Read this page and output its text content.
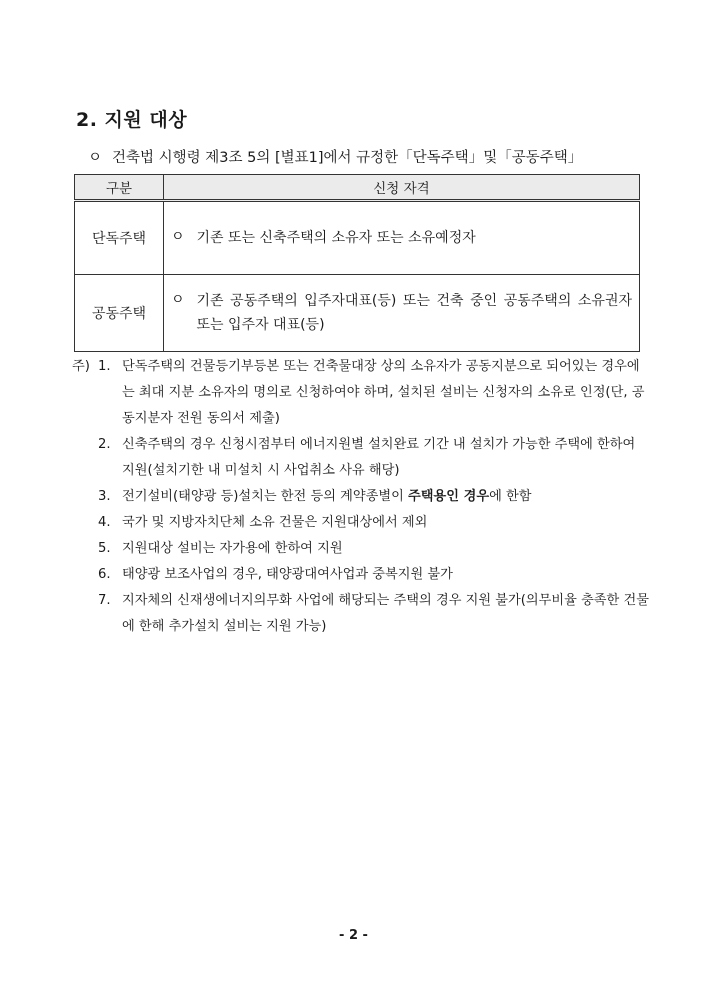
2. 지원 대상
ㅇ 건축법 시행령 제3조 5의 [별표1]에서 규정한「단독주택」및「공동주택」
구분	신청 자격
단독주택	ㅇ 기존 또는 신축주택의 소유자 또는 소유예정자

공동주택	ㅇ 기존 공동주택의 입주자대표(등) 또는 건축 중인 공동주택의 소유권자 또는 입주자 대표(등)
주) 1. 단독주택의 건물등기부등본 또는 건축물대장 상의 소유자가 공동지분으로 되어있는 경우에는 최대 지분 소유자의 명의로 신청하여야 하며, 설치된 설비는 신청자의 소유로 인정(단, 공동지분자 전원 동의서 제출)
2. 신축주택의 경우 신청시점부터 에너지원별 설치완료 기간 내 설치가 가능한 주택에 한하여 지원(설치기한 내 미설치 시 사업취소 사유 해당)
3. 전기설비(태양광 등)설치는 한전 등의 계약종별이 주택용인 경우에 한함
4. 국가 및 지방자치단체 소유 건물은 지원대상에서 제외
5. 지원대상 설비는 자가용에 한하여 지원
6. 태양광 보조사업의 경우, 태양광대여사업과 중복지원 불가
7. 지자체의 신재생에너지의무화 사업에 해당되는 주택의 경우 지원 불가(의무비율 충족한 건물에 한해 추가설치 설비는 지원 가능)
- 2 -
